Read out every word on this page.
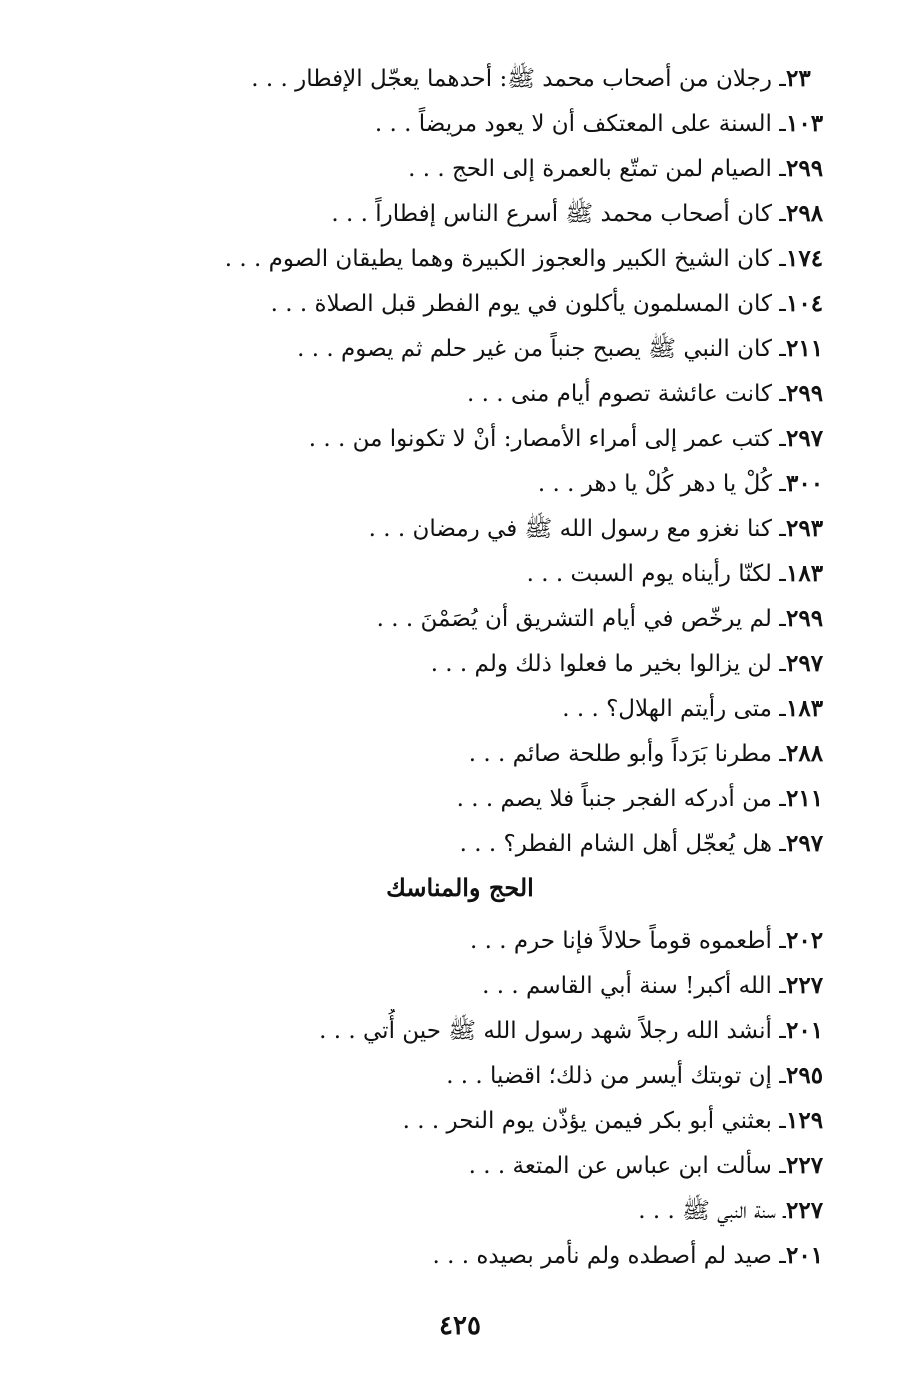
ـ رجلان من أصحاب محمد ﷺ: أحدهما يعجّل الإفطار . . . ٢٣
ـ السنة على المعتكف أن لا يعود مريضاً . . . ١٠٣
ـ الصيام لمن تمتّع بالعمرة إلى الحج . . . ٢٩٩
ـ كان أصحاب محمد ﷺ أسرع الناس إفطاراً . . . ٢٩٨
ـ كان الشيخ الكبير والعجوز الكبيرة وهما يطيقان الصوم . . . ١٧٤
ـ كان المسلمون يأكلون في يوم الفطر قبل الصلاة . . . ١٠٤
ـ كان النبي ﷺ يصبح جنباً من غير حلم ثم يصوم . . . ٢١١
ـ كانت عائشة تصوم أيام منى . . . ٢٩٩
ـ كتب عمر إلى أمراء الأمصار: أنْ لا تكونوا من . . . ٢٩٧
ـ كُلْ يا دهر كُلْ يا دهر . . . ٣٠٠
ـ كنا نغزو مع رسول الله ﷺ في رمضان . . . ٢٩٣
ـ لكنّا رأيناه يوم السبت . . . ١٨٣
ـ لم يرخّص في أيام التشريق أن يُصَمْنَ . . . ٢٩٩
ـ لن يزالوا بخير ما فعلوا ذلك ولم . . . ٢٩٧
ـ متى رأيتم الهلال؟ . . . ١٨٣
ـ مطرنا بَرَداً وأبو طلحة صائم . . . ٢٨٨
ـ من أدركه الفجر جنباً فلا يصم . . . ٢١١
ـ هل يُعجّل أهل الشام الفطر؟ . . . ٢٩٧
الحج والمناسك
ـ أطعموه قوماً حلالاً فإنا حرم . . . ٢٠٢
ـ الله أكبر! سنة أبي القاسم . . . ٢٢٧
ـ أنشد الله رجلاً شهد رسول الله ﷺ حين أُتي . . . ٢٠١
ـ إن توبتك أيسر من ذلك؛ اقضيا . . . ٢٩٥
ـ بعثني أبو بكر فيمن يؤذّن يوم النحر . . . ١٢٩
ـ سألت ابن عباس عن المتعة . . . ٢٢٧
ـ سنة النبي ﷺ . . . ٢٢٧
ـ صيد لم أصطده ولم نأمر بصيده . . . ٢٠١
٤٢٥
